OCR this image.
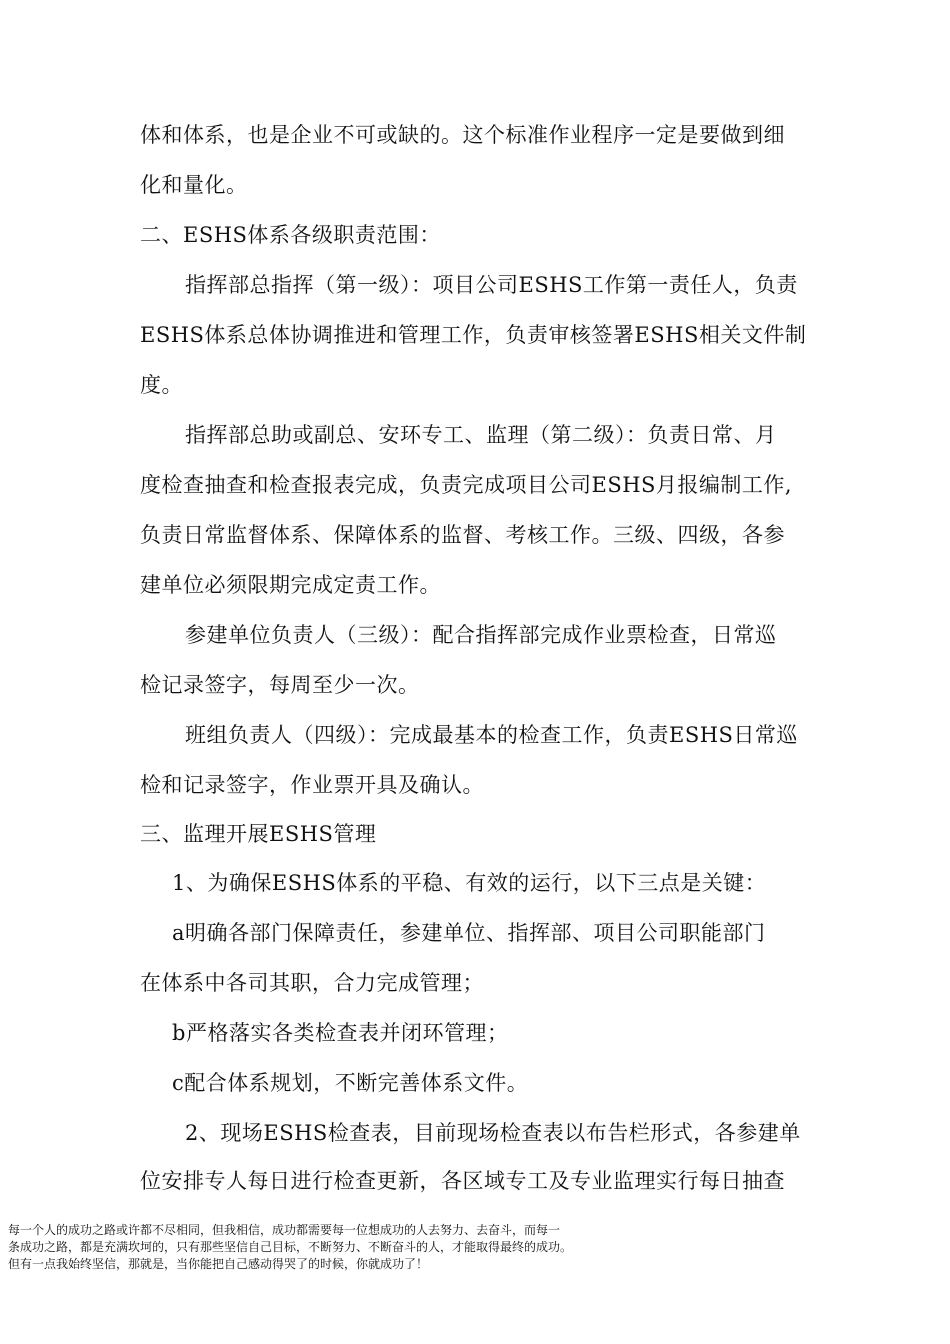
体和体系，也是企业不可或缺的。这个标准作业程序一定是要做到细
化和量化。
二、ESHS体系各级职责范围：
指挥部总指挥（第一级）：项目公司ESHS工作第一责任人，负责
ESHS体系总体协调推进和管理工作，负责审核签署ESHS相关文件制
度。
指挥部总助或副总、安环专工、监理（第二级）：负责日常、月
度检查抽查和检查报表完成，负责完成项目公司ESHS月报编制工作,
负责日常监督体系、保障体系的监督、考核工作。三级、四级，各参
建单位必须限期完成定责工作。
参建单位负责人（三级）：配合指挥部完成作业票检查，日常巡
检记录签字，每周至少一次。
班组负责人（四级）：完成最基本的检查工作，负责ESHS日常巡
检和记录签字，作业票开具及确认。
三、监理开展ESHS管理
1、为确保ESHS体系的平稳、有效的运行，以下三点是关键：
a明确各部门保障责任，参建单位、指挥部、项目公司职能部门
在体系中各司其职，合力完成管理；
b严格落实各类检查表并闭环管理；
c配合体系规划，不断完善体系文件。
2、现场ESHS检查表，目前现场检查表以布告栏形式，各参建单
位安排专人每日进行检查更新，各区域专工及专业监理实行每日抽查
每一个人的成功之路或许都不尽相同，但我相信，成功都需要每一位想成功的人去努力、去奋斗，而每一
条成功之路，都是充满坎坷的，只有那些坚信自己目标，不断努力、不断奋斗的人，才能取得最终的成功。
但有一点我始终坚信，那就是，当你能把自己感动得哭了的时候，你就成功了！
